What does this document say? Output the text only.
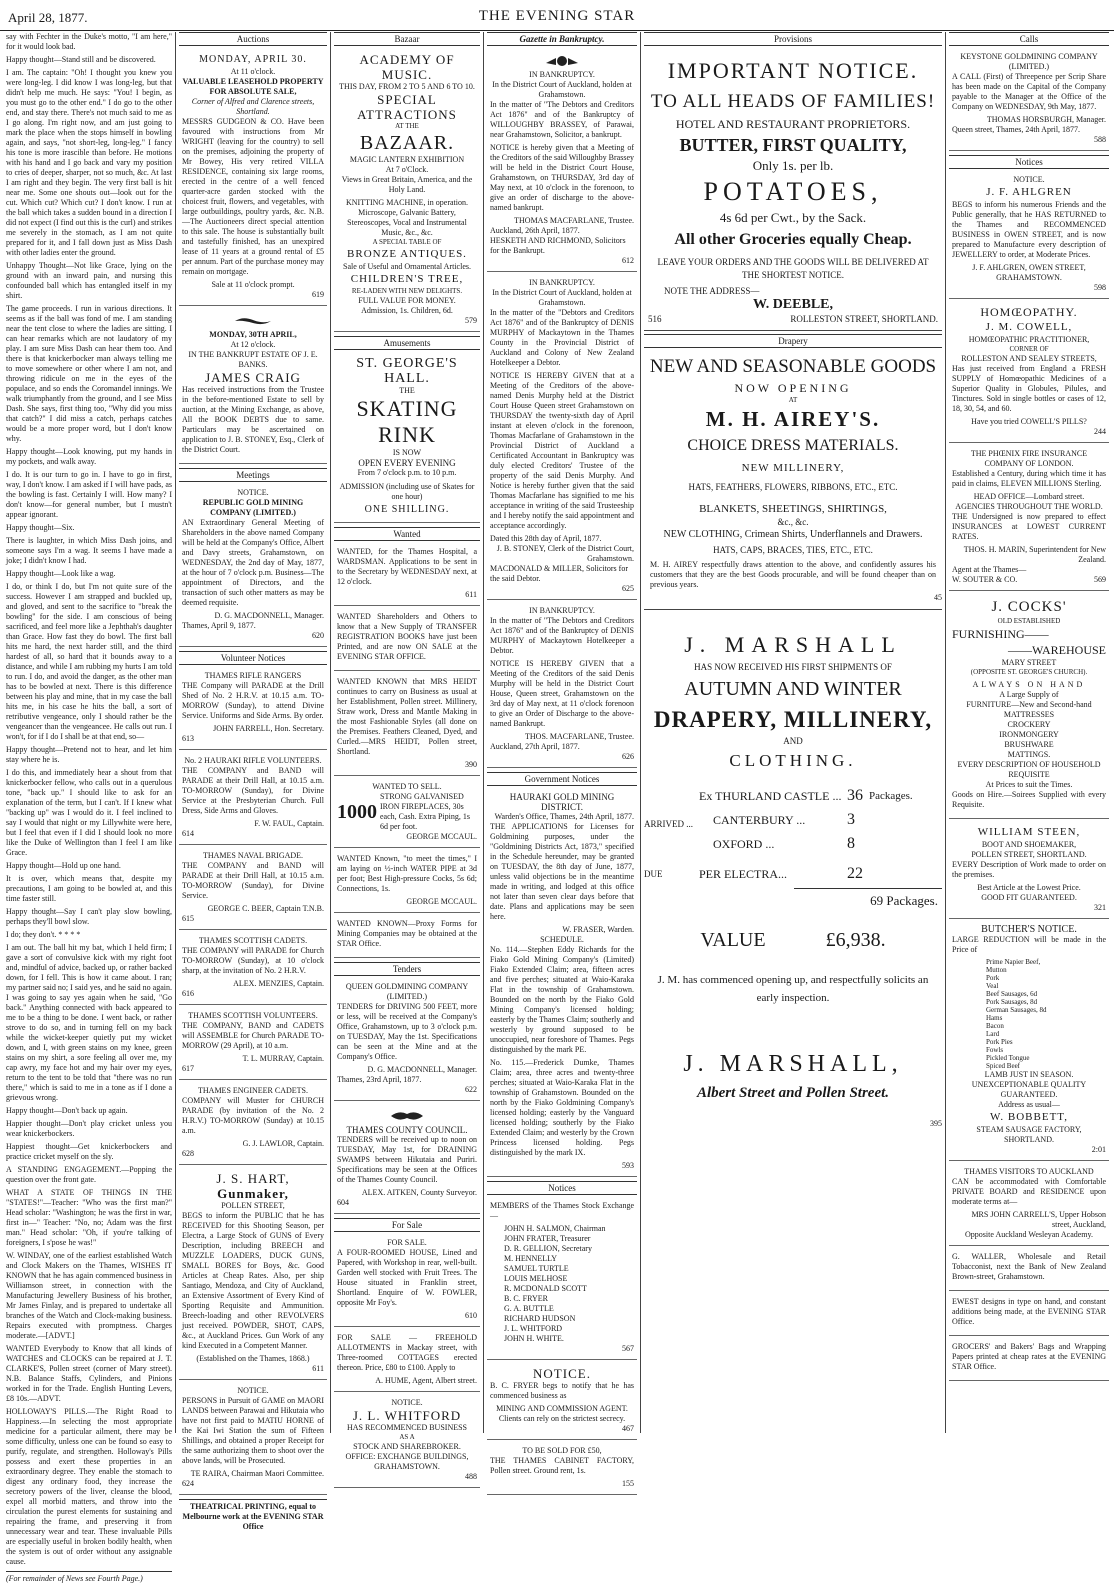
April 28, 1877.	THE EVENING STAR

say with Fechter in the Duke's motto, "I am here," for it would look bad.

Happy thought—Stand still and be discovered.

I am. The captain: "Oh! I thought you knew you were long-leg. I did know I was long-leg, but that didn't help me much. He says: "You! I begin, as you must go to the other end." I do go to the other end, and stay there. There's not much said to me as I go along. I'm right now, and am just going to mark the place when the stops himself in bowling again, and says, "not short-leg, long-leg." I fancy his tone is more irascible than before. He motions with his hand and I go back and vary my position to cries of deeper, sharper, not so much, &c. At last I am right and they begin. The very first ball is hit near me. Some one shouts out—look out for the cut. Which cut? Which cut? I don't know. I run at the ball which takes a sudden bound in a direction I did not expect (I find out this is the curl) and strikes me severely in the stomach, as I am not quite prepared for it, and I fall down just as Miss Dash with other ladies enter the ground.

Unhappy Thought—Not like Grace, lying on the ground with an inward pain, and nursing this confounded ball which has entangled itself in my shirt.

The game proceeds. I run in various directions. It seems as if the ball was fond of me. I am standing near the tent close to where the ladies are sitting. I can hear remarks which are not laudatory of my play. I am sure Miss Dash can hear them too. And there is that knickerbocker man always telling me to move somewhere or other where I am not, and throwing ridicule on me in the eyes of the populace, and so ends the Coromandel innings. We walk triumphantly from the ground, and I see Miss Dash. She says, first thing too, "Why did you miss that catch?" I did miss a catch, perhaps catches would be a more proper word, but I don't know why.

Happy thought—Look knowing, put my hands in my pockets, and walk away.

I do. It is our turn to go in. I have to go in first, way, I don't know. I am asked if I will have pads, as the bowling is fast. Certainly I will. How many? I don't know—for general number, but I mustn't appear ignorant.

Happy thought—Six.

There is laughter, in which Miss Dash joins, and someone says I'm a wag. It seems I have made a joke; I didn't know I had.

Happy thought—Look like a wag.

I do, or think I do, but I'm not quite sure of the success. However I am strapped and buckled up, and gloved, and sent to the sacrifice to "break the bowling" for the side. I am conscious of being sacrificed, and feel more like a Jephthah's daughter than Grace. How fast they do bowl. The first ball hits me hard, the next harder still, and the third hardest of all, so hard that it bounds away to a distance, and while I am rubbing my hurts I am told to run. I do, and avoid the danger, as the other man has to be bowled at next. There is this difference between his play and mine, that in my case the ball hits me, in his case he hits the ball, a sort of retributive vengeance, only I should rather be the vengeancer than the vengeancee. He calls out run. I won't, for if I do I shall be at that end, so—

Happy thought—Pretend not to hear, and let him stay where he is.

I do this, and immediately hear a shout from that knickerbocker fellow, who calls out in a querulous tone, "back up." I should like to ask for an explanation of the term, but I can't. If I knew what "backing up" was I would do it. I feel inclined to say I would that night or my Lillywhite were here, but I feel that even if I did I should look no more like the Duke of Wellington than I feel I am like Grace.

Happy thought—Hold up one hand.

It is over, which means that, despite my precautions, I am going to be bowled at, and this time faster still.

Happy thought—Say I can't play slow bowling, perhaps they'll bowl slow.

I do; they don't. * * * *

I am out. The ball hit my bat, which I held firm; I gave a sort of convulsive kick with my right foot and, mindful of advice, backed up, or rather backed down, for I fell. This is how it came about. I ran; my partner said no; I said yes, and he said no again. I was going to say yes again when he said, "Go back." Anything connected with back appeared to me to be a thing to be done. I went back, or rather strove to do so, and in turning fell on my back while the wicket-keeper quietly put my wicket down, and I, with green stains on my knee, green stains on my shirt, a sore feeling all over me, my cap awry, my face hot and my hair over my eyes, return to the tent to be told that "there was no run there," which is said to me in a tone as if I done a grievous wrong.

Happy thought—Don't back up again.

Happier thought—Don't play cricket unless you wear knickerbockers.

Happiest thought—Get knickerbockers and practice cricket myself on the sly.

A STANDING ENGAGEMENT.—Popping the question over the front gate.

WHAT A STATE OF THINGS IN THE "STATES!"—Teacher: "Who was the first man?" Head scholar: "Washington; he was the first in war, first in—" Teacher: "No, no; Adam was the first man." Head scholar: "Oh, if you're talking of foreigners, I s'pose he was!"

W. WINDAY, one of the earliest established Watch and Clock Makers on the Thames, WISHES IT KNOWN that he has again commenced business in Williamson street, in connection with the Manufacturing Jewellery Business of his brother, Mr James Finlay, and is prepared to undertake all branches of the Watch and Clock-making business. Repairs executed with promptness. Charges moderate.—[ADVT.]

WANTED Everybody to Know that all kinds of WATCHES and CLOCKS can be repaired at J. T. CLARKE'S, Pollen street (corner of Mary street). N.B. Balance Staffs, Cylinders, and Pinions worked in for the Trade. English Hunting Levers, £8 10s.—ADVT.

HOLLOWAY'S PILLS.—The Right Road to Happiness.—In selecting the most appropriate medicine for a particular ailment, there may be some difficulty, unless one can be found so easy to purify, regulate, and strengthen. Holloway's Pills possess and exert these properties in an extraordinary degree. They enable the stomach to digest any ordinary food, they increase the secretory powers of the liver, cleanse the blood, expel all morbid matters, and throw into the circulation the purest elements for sustaining and repairing the frame, and preserving it from unnecessary wear and tear. These invaluable Pills are especially useful in broken bodily health, when the system is out of order without any assignable cause.

(For remainder of News see Fourth Page.)

Auctions
MONDAY, APRIL 30.
At 11 o'clock.
VALUABLE LEASEHOLD PROPERTY FOR ABSOLUTE SALE,
Corner of Alfred and Clarence streets, Shortland.

MESSRS GUDGEON & CO. Have been favoured with instructions from Mr WRIGHT (leaving for the country) to sell on the premises, adjoining the property of Mr Bowey, His very retired VILLA RESIDENCE, containing six large rooms, erected in the centre of a well fenced quarter-acre garden stocked with the choicest fruit, flowers, and vegetables, with large outbuildings, poultry yards, &c. N.B.—The Auctioneers direct special attention to this sale. The house is substantially built and tastefully finished, has an unexpired lease of 11 years at a ground rental of £5 per annum. Part of the purchase money may remain on mortgage.

Sale at 11 o'clock prompt.
619
MONDAY, 30TH APRIL,
At 12 o'clock.
IN THE BANKRUPT ESTATE OF J. E. BANKS.
JAMES CRAIG

Has received instructions from the Trustee in the before-mentioned Estate to sell by auction, at the Mining Exchange, as above, All the BOOK DEBTS due to same. Particulars may be ascertained on application to J. B. STONEY, Esq., Clerk of the District Court.

Meetings
NOTICE.
REPUBLIC GOLD MINING COMPANY (LIMITED.)

AN Extraordinary General Meeting of Shareholders in the above named Company will be held at the Company's Office, Albert and Davy streets, Grahamstown, on WEDNESDAY, the 2nd day of May, 1877, at the hour of 7 o'clock p.m. Business—The appointment of Directors, and the transaction of such other matters as may be deemed requisite.

D. G. MACDONNELL, Manager.
Thames, April 9, 1877.
620
Volunteer Notices
THAMES RIFLE RANGERS

THE Company will PARADE at the Drill Shed of No. 2 H.R.V. at 10.15 a.m. TO-MORROW (Sunday), to attend Divine Service. Uniforms and Side Arms. By order.

JOHN FARRELL, Hon. Secretary.
613
No. 2 HAURAKI RIFLE VOLUNTEERS.

THE COMPANY and BAND will PARADE at their Drill Hall, at 10.15 a.m. TO-MORROW (Sunday), for Divine Service at the Presbyterian Church. Full Dress, Side Arms and Gloves.

F. W. FAUL, Captain.
614
THAMES NAVAL BRIGADE.

THE COMPANY and BAND will PARADE at their Drill Hall, at 10.15 a.m. TO-MORROW (Sunday), for Divine Service.

GEORGE C. BEER, Captain T.N.B.
615
THAMES SCOTTISH CADETS.

THE COMPANY will PARADE for Church TO-MORROW (Sunday), at 10 o'clock sharp, at the invitation of No. 2 H.R.V.

ALEX. MENZIES, Captain.
616
THAMES SCOTTISH VOLUNTEERS.

THE COMPANY, BAND and CADETS will ASSEMBLE for Church PARADE TO-MORROW (29 April), at 10 a.m.

T. L. MURRAY, Captain.
617
THAMES ENGINEER CADETS.

COMPANY will Muster for CHURCH PARADE (by invitation of the No. 2 H.R.V.) TO-MORROW (Sunday) at 10.15 a.m.

G. J. LAWLOR, Captain.
628
J. S. HART,
Gunmaker,
POLLEN STREET,

BEGS to inform the PUBLIC that he has RECEIVED for this Shooting Season, per Electra, a Large Stock of GUNS of Every Description, including BREECH and MUZZLE LOADERS, DUCK GUNS, SMALL BORES for Boys, &c. Good Articles at Cheap Rates. Also, per ship Santiago, Mendoza, and City of Auckland, an Extensive Assortment of Every Kind of Sporting Requisite and Ammunition. Breech-loading and other REVOLVERS just received. POWDER, SHOT, CAPS, &c., at Auckland Prices. Gun Work of any kind Executed in a Competent Manner.

(Established on the Thames, 1868.)
611
NOTICE.

PERSONS in Pursuit of GAME on MAORI LANDS between Parawai and Hikutaia who have not first paid to MATIU HORNE of the Kai Iwi Station the sum of Fifteen Shillings, and obtained a proper Receipt for the same authorizing them to shoot over the above lands, will be Prosecuted.

TE RAIRA, Chairman Maori Committee.
624
THEATRICAL PRINTING, equal to Melbourne work at the EVENING STAR Office
Bazaar
ACADEMY OF MUSIC.
THIS DAY, FROM 2 TO 5 AND 6 TO 10.
SPECIAL ATTRACTIONS
AT THE
BAZAAR.
MAGIC LANTERN EXHIBITION
At 7 o'Clock.
Views in Great Britain, America, and the Holy Land.
KNITTING MACHINE, in operation. Microscope, Galvanic Battery, Stereoscopes, Vocal and Instrumental Music, &c., &c.
A SPECIAL TABLE OF
BRONZE ANTIQUES.
Sale of Useful and Ornamental Articles.
CHILDREN'S TREE,
RE-LADEN WITH NEW DELIGHTS.
FULL VALUE FOR MONEY.
Admission, 1s. Children, 6d.
579
Amusements
ST. GEORGE'S HALL.
THE
SKATING RINK
IS NOW
OPEN EVERY EVENING
From 7 o'clock p.m. to 10 p.m.
ADMISSION (including use of Skates for one hour)
ONE SHILLING.
Wanted

WANTED, for the Thames Hospital, a WARDSMAN. Applications to be sent in to the Secretary by WEDNESDAY next, at 12 o'clock.

611

WANTED Shareholders and Others to know that a New Supply of TRANSFER REGISTRATION BOOKS have just been Printed, and are now ON SALE at the EVENING STAR OFFICE.

WANTED KNOWN that MRS HEIDT continues to carry on Business as usual at her Establishment, Pollen street. Millinery, Straw work, Dress and Mantle Making in the most Fashionable Styles (all done on the Premises. Feathers Cleaned, Dyed, and Curled.—MRS HEIDT, Pollen street, Shortland.

390
WANTED TO SELL.
1000
STRONG GALVANISED IRON FIREPLACES, 30s each, Cash. Extra Piping, 1s 6d per foot.
GEORGE MCCAUL.

WANTED Known, "to meet the times," I am laying on ½-inch WATER PIPE at 3d per foot; Best High-pressure Cocks, 5s 6d; Connections, 1s.

GEORGE MCCAUL.

WANTED KNOWN—Proxy Forms for Mining Companies may be obtained at the STAR Office.

Tenders
QUEEN GOLDMINING COMPANY (LIMITED.)

TENDERS for DRIVING 500 FEET, more or less, will be received at the Company's Office, Grahamstown, up to 3 o'clock p.m. on TUESDAY, May the 1st. Specifications can be seen at the Mine and at the Company's Office.

D. G. MACDONNELL, Manager.
Thames, 23rd April, 1877.
622
THAMES COUNTY COUNCIL.

TENDERS will be received up to noon on TUESDAY, May 1st, for DRAINING SWAMPS between Hikutaia and Puriri. Specifications may be seen at the Offices of the Thames County Council.

ALEX. AITKEN, County Surveyor.
604
For Sale
FOR SALE.

A FOUR-ROOMED HOUSE, Lined and Papered, with Workshop in rear, well-built. Garden well stocked with Fruit Trees. The House situated in Franklin street, Shortland. Enquire of W. FOWLER, opposite Mr Foy's.

610

FOR SALE — FREEHOLD ALLOTMENTS in Mackay street, with Three-roomed COTTAGES erected thereon. Price, £80 to £100. Apply to

A. HUME, Agent, Albert street.
NOTICE.
J. L. WHITFORD
HAS RECOMMENCED BUSINESS
AS A
STOCK AND SHAREBROKER.
OFFICE: EXCHANGE BUILDINGS, GRAHAMSTOWN.
488
Gazette in Bankruptcy.
IN BANKRUPTCY.
In the District Court of Auckland, holden at Grahamstown.

In the matter of "The Debtors and Creditors Act 1876" and of the Bankruptcy of WILLOUGHBY BRASSEY, of Parawai, near Grahamstown, Solicitor, a bankrupt.

NOTICE is hereby given that a Meeting of the Creditors of the said Willoughby Brassey will be held in the District Court House, Grahamstown, on THURSDAY, 3rd day of May next, at 10 o'clock in the forenoon, to give an order of discharge to the above-named bankrupt.

THOMAS MACFARLANE, Trustee.
Auckland, 26th April, 1877.
HESKETH AND RICHMOND, Solicitors for the Bankrupt.
612
IN BANKRUPTCY.
In the District Court of Auckland, holden at Grahamstown.

In the matter of the "Debtors and Creditors Act 1876" and of the Bankruptcy of DENIS MURPHY of Mackaytown in the Thames County in the Provincial District of Auckland and Colony of New Zealand Hotelkeeper a Debtor.

NOTICE IS HEREBY GIVEN that at a Meeting of the Creditors of the above-named Denis Murphy held at the District Court House Queen street Grahamstown on THURSDAY the twenty-sixth day of April instant at eleven o'clock in the forenoon, Thomas Macfarlane of Grahamstown in the Provincial District of Auckland a Certificated Accountant in Bankruptcy was duly elected Creditors' Trustee of the property of the said Denis Murphy. And Notice is hereby further given that the said Thomas Macfarlane has signified to me his acceptance in writing of the said Trusteeship and I hereby notify the said appointment and acceptance accordingly.

Dated this 28th day of April, 1877.
J. B. STONEY, Clerk of the District Court, Grahamstown.
MACDONALD & MILLER, Solicitors for the said Debtor.
625
IN BANKRUPTCY.

In the matter of "The Debtors and Creditors Act 1876" and of the Bankruptcy of DENIS MURPHY of Mackaytown Hotelkeeper a Debtor.

NOTICE IS HEREBY GIVEN that a Meeting of the Creditors of the said Denis Murphy will be held in the District Court House, Queen street, Grahamstown on the 3rd day of May next, at 11 o'clock forenoon to give an Order of Discharge to the above-named Bankrupt.

THOS. MACFARLANE, Trustee.
Auckland, 27th April, 1877.
626
Government Notices
HAURAKI GOLD MINING DISTRICT.
Warden's Office, Thames, 24th April, 1877.

THE APPLICATIONS for Licenses for Goldmining purposes, under the "Goldmining Districts Act, 1873," specified in the Schedule hereunder, may be granted on TUESDAY, the 8th day of June, 1877, unless valid objections be in the meantime made in writing, and lodged at this office not later than seven clear days before that date. Plans and applications may be seen here.

W. FRASER, Warden.
SCHEDULE.

No. 114.—Stephen Eddy Richards for the Fiako Gold Mining Company's (Limited) Fiako Extended Claim; area, fifteen acres and five perches; situated at Waio-Karaka Flat in the township of Grahamstown. Bounded on the north by the Fiako Gold Mining Company's licensed holding; easterly by the Thames Claim; southerly and westerly by ground supposed to be unoccupied, near foreshore of Thames. Pegs distinguished by the mark PE.

No. 115.—Frederick Dumke, Thames Claim; area, three acres and twenty-three perches; situated at Waio-Karaka Flat in the township of Grahamstown. Bounded on the north by the Fiako Goldmining Company's licensed holding; easterly by the Vanguard licensed holding; southerly by the Fiako Extended Claim; and westerly by the Crown Princess licensed holding. Pegs distinguished by the mark IX.

593
Notices

MEMBERS of the Thames Stock Exchange—

JOHN H. SALMON, Chairman
JOHN FRATER, Treasurer
D. R. GELLION, Secretary
M. HENNELLY
SAMUEL TURTLE
LOUIS MELHOSE
R. MCDONALD SCOTT
B. C. FRYER
G. A. BUTTLE
RICHARD HUDSON
J. L. WHITFORD
JOHN H. WHITE.
567
NOTICE.

B. C. FRYER begs to notify that he has commenced business as

MINING AND COMMISSION AGENT.
Clients can rely on the strictest secrecy.
467
TO BE SOLD FOR £50,

THE THAMES CABINET FACTORY, Pollen street. Ground rent, 1s.

155
Provisions
IMPORTANT NOTICE.
TO ALL HEADS OF FAMILIES!
HOTEL AND RESTAURANT PROPRIETORS.
BUTTER, FIRST QUALITY,
Only 1s. per lb.
POTATOES,
4s 6d per Cwt., by the Sack.
All other Groceries equally Cheap.
LEAVE YOUR ORDERS AND THE GOODS WILL BE DELIVERED AT THE SHORTEST NOTICE.
NOTE THE ADDRESS—
W. DEEBLE,
516	ROLLESTON STREET, SHORTLAND.
Drapery
NEW AND SEASONABLE GOODS
NOW OPENING
AT
M. H. AIREY'S.
CHOICE DRESS MATERIALS.
NEW MILLINERY,
HATS, FEATHERS, FLOWERS, RIBBONS, ETC., ETC.
BLANKETS, SHEETINGS, SHIRTINGS,
&c., &c.
NEW CLOTHING, Crimean Shirts, Underflannels and Drawers.
HATS, CAPS, BRACES, TIES, ETC., ETC.

M. H. AIREY respectfully draws attention to the above, and confidently assures his customers that they are the best Goods procurable, and will be found cheaper than on previous years.

45
J. MARSHALL
HAS NOW RECEIVED HIS FIRST SHIPMENTS OF
AUTUMN AND WINTER
DRAPERY, MILLINERY,
AND
CLOTHING.
ARRIVED ...
Ex THURLAND CASTLE ... 36 Packages.
CANTERBURY ...	3
OXFORD ...	8
DUE	PER ELECTRA...	22
69 Packages.
VALUE	£6,938.
J. M. has commenced opening up, and respectfully solicits an early inspection.
J. MARSHALL,
Albert Street and Pollen Street.
395
Calls
KEYSTONE GOLDMINING COMPANY (LIMITED.)

A CALL (First) of Threepence per Scrip Share has been made on the Capital of the Company payable to the Manager at the Office of the Company on WEDNESDAY, 9th May, 1877.

THOMAS HORSBURGH, Manager.
Queen street, Thames, 24th April, 1877.
588
Notices
NOTICE.
J. F. AHLGREN

BEGS to inform his numerous Friends and the Public generally, that he HAS RETURNED to the Thames and RECOMMENCED BUSINESS in OWEN STREET, and is now prepared to Manufacture every description of JEWELLERY to order, at Moderate Prices.

J. F. AHLGREN, OWEN STREET, GRAHAMSTOWN.
598
HOMŒOPATHY.
J. M. COWELL,
HOMŒOPATHIC PRACTITIONER,
CORNER OF
ROLLESTON AND SEALEY STREETS,

Has just received from England a FRESH SUPPLY of Homœopathic Medicines of a Superior Quality in Globules, Pilules, and Tinctures. Sold in single bottles or cases of 12, 18, 30, 54, and 60.

Have you tried COWELL'S PILLS?
244
THE PHŒNIX FIRE INSURANCE COMPANY OF LONDON.

Established a Century, during which time it has paid in claims, ELEVEN MILLIONS Sterling.

HEAD OFFICE—Lombard street.
AGENCIES THROUGHOUT THE WORLD.

THE Undersigned is now prepared to effect INSURANCES at LOWEST CURRENT RATES.

THOS. H. MARIN, Superintendent for New Zealand.
Agent at the Thames—
W. SOUTER & CO.	569
J. COCKS'
OLD ESTABLISHED
FURNISHING——
——WAREHOUSE
MARY STREET
(OPPOSITE ST. GEORGE'S CHURCH).
ALWAYS ON HAND
A Large Supply of
FURNITURE—New and Second-hand
MATTRESSES
CROCKERY
IRONMONGERY
BRUSHWARE
MATTINGS.
EVERY DESCRIPTION OF HOUSEHOLD REQUISITE
At Prices to suit the Times.

Goods on Hire.—Soirees Supplied with every Requisite.

WILLIAM STEEN,
BOOT AND SHOEMAKER,
POLLEN STREET, SHORTLAND.

EVERY Description of Work made to order on the premises.

Best Article at the Lowest Price.
GOOD FIT GUARANTEED.
321
BUTCHER'S NOTICE.

LARGE REDUCTION will be made in the Price of

Prime Napier Beef,
Mutton
Pork
Veal
Beef Sausages, 6d
Pork Sausages, 8d
German Sausages, 8d
Hams
Bacon
Lard
Pork Pies
Fowls
Pickled Tongue
Spiced Beef
LAMB JUST IN SEASON.
UNEXCEPTIONABLE QUALITY GUARANTEED.
Address as usual—
W. BOBBETT,
STEAM SAUSAGE FACTORY,
SHORTLAND.
2:01
THAMES VISITORS TO AUCKLAND

CAN be accommodated with Comfortable PRIVATE BOARD and RESIDENCE upon moderate terms at—

MRS JOHN CARRELL'S, Upper Hobson street, Auckland,
Opposite Auckland Wesleyan Academy.

G. WALLER, Wholesale and Retail Tobacconist, next the Bank of New Zealand Brown-street, Grahamstown.

EWEST designs in type on hand, and constant additions being made, at the EVENING STAR Office.

GROCERS' and Bakers' Bags and Wrapping Papers printed at cheap rates at the EVENING STAR Office.
